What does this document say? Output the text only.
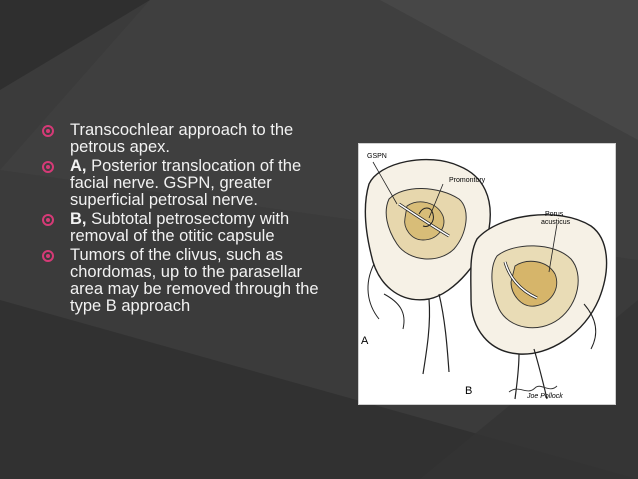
Transcochlear approach to the petrous apex.
A, Posterior translocation of the facial nerve. GSPN, greater superficial petrosal nerve.
B, Subtotal petrosectomy with removal of the otitic capsule
Tumors of the clivus, such as chordomas, up to the parasellar area may be removed through the type B approach
GSPN
Promontory
Porus
acusticus
A
B	Joe Pollock
